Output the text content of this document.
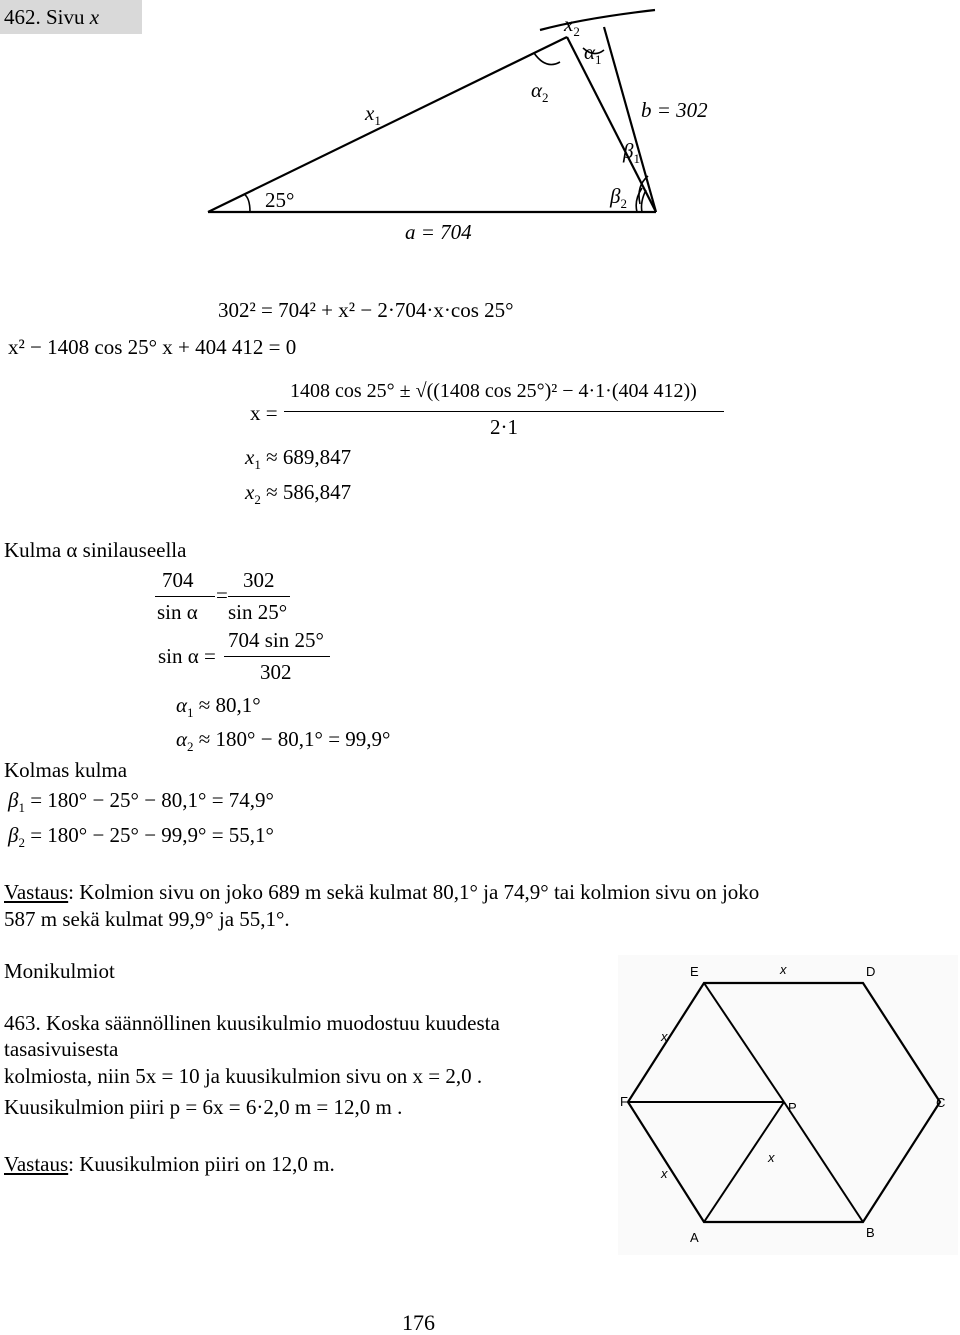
462. Sivu x	$x_2$
$\alpha_1$
$\alpha_2$
$x_1$	b = 302
$\beta_1$
$\beta_2$
25°
a = 704
302² = 704² + x² − 2·704·x·cos 25°
x² − 1408 cos 25° x + 404 412 = 0
x =
1408 cos 25° ± √((1408 cos 25°)² − 4·1·(404 412))
2·1
$x_1 \approx 689,847$
$x_2 \approx 586,847$
Kulma α sinilauseella
704
sin α
=
302
sin 25°
sin α =
704 sin 25°
302
$\alpha_1 \approx 80,1^\circ$
$\alpha_2 \approx 180^\circ - 80,1^\circ = 99,9^\circ$
Kolmas kulma
$\beta_1 = 180^\circ - 25^\circ - 80,1^\circ = 74,9^\circ$
$\beta_2 = 180^\circ - 25^\circ - 99,9^\circ = 55,1^\circ$
Vastaus: Kolmion sivu on joko 689 m sekä kulmat 80,1° ja 74,9° tai kolmion sivu on joko
587 m sekä kulmat 99,9° ja 55,1°.
Monikulmiot
463. Koska säännöllinen kuusikulmio muodostuu kuudesta
tasasivuisesta
kolmiosta, niin 5x = 10 ja kuusikulmion sivu on x = 2,0 .
Kuusikulmion piiri p = 6x = 6·2,0 m = 12,0 m .
Vastaus: Kuusikulmion piiri on 12,0 m.
E	D
C
B
A
F	P
x
x
x
x
176
